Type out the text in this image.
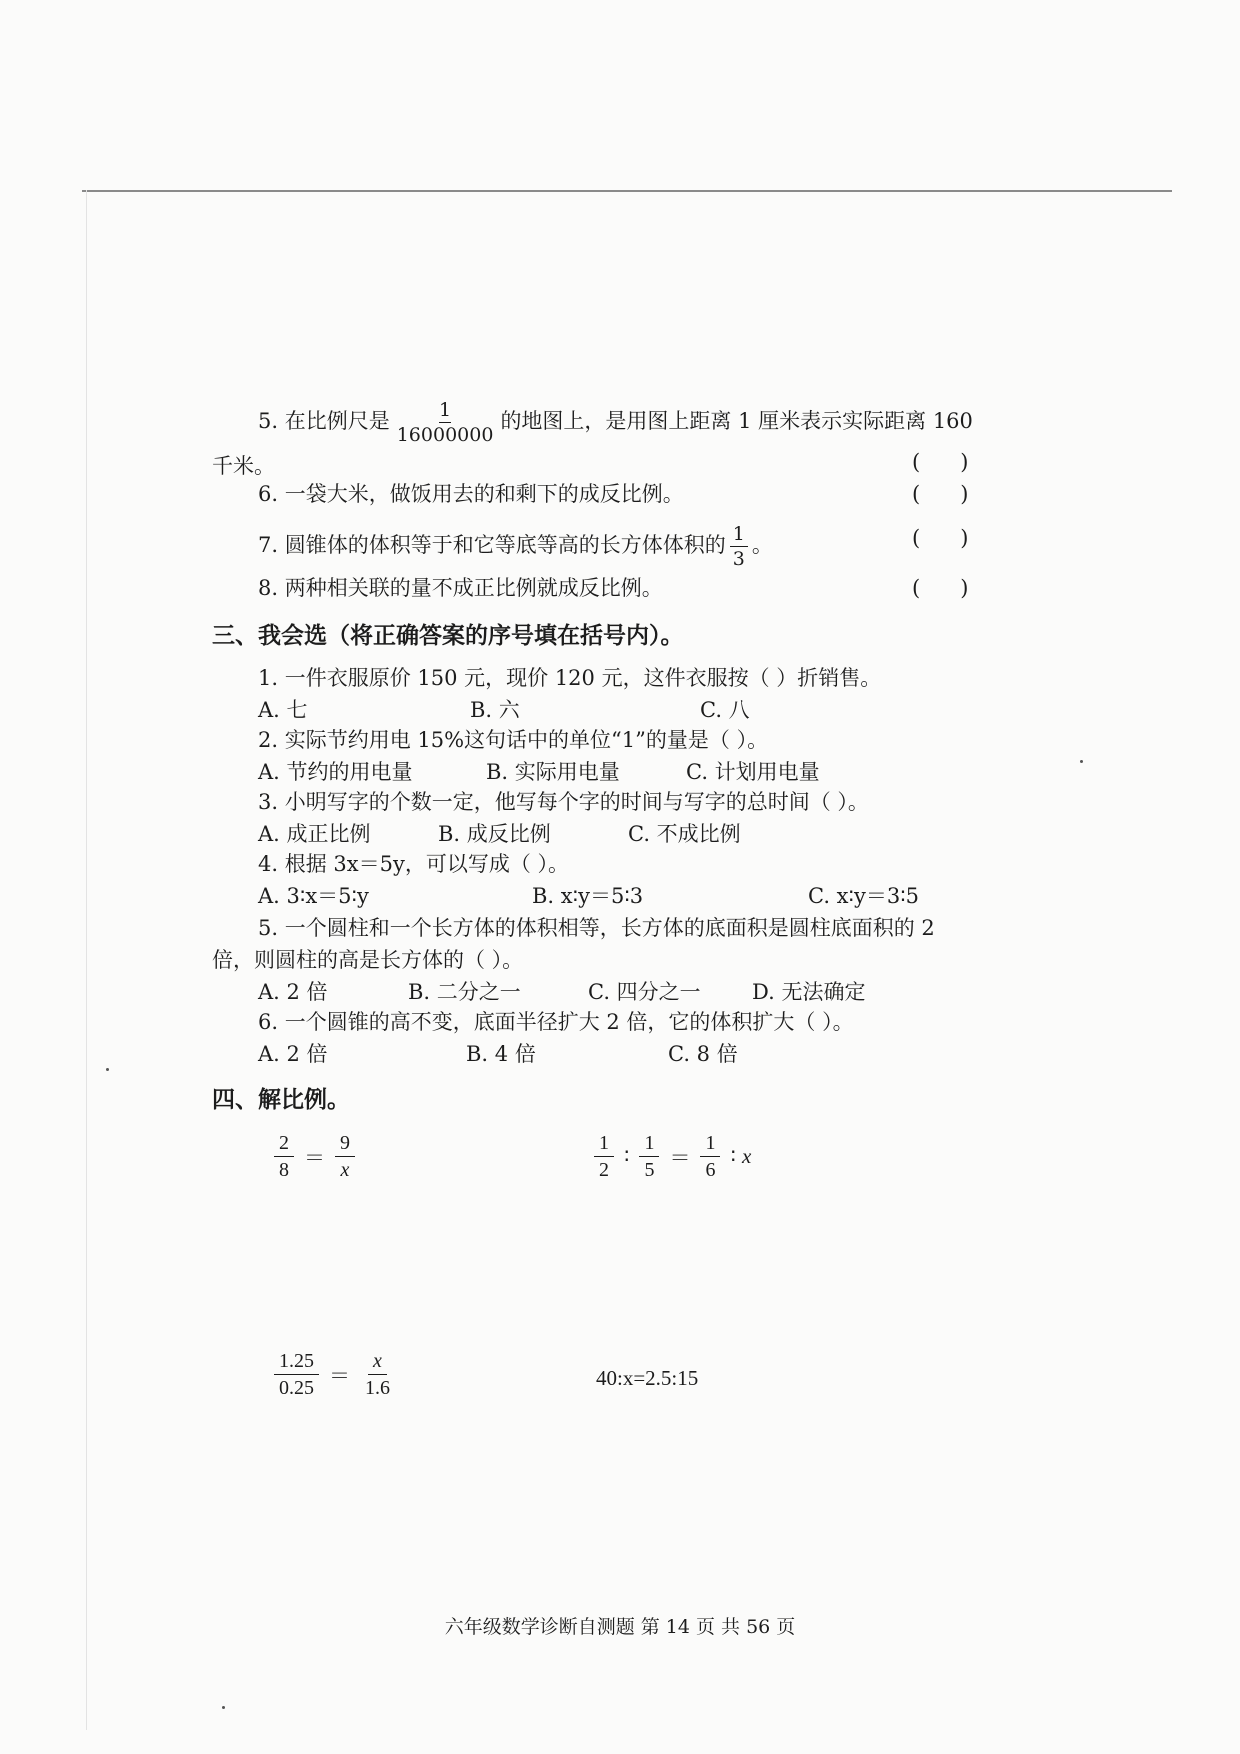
5. 在比例尺是 $\frac{1}{16000000}$ 的地图上，是用图上距离 1 厘米表示实际距离 160
千米。	(      )
6. 一袋大米，做饭用去的和剩下的成反比例。	(      )
7. 圆锥体的体积等于和它等底等高的长方体体积的 $\frac{1}{3}$ 。	(      )
8. 两种相关联的量不成正比例就成反比例。	(      )
三、我会选（将正确答案的序号填在括号内）。
1. 一件衣服原价 150 元，现价 120 元，这件衣服按（ ）折销售。
A. 七	B. 六	C. 八
2. 实际节约用电 15%这句话中的单位“1”的量是（ ）。
A. 节约的用电量	B. 实际用电量	C. 计划用电量
3. 小明写字的个数一定，他写每个字的时间与写字的总时间（ ）。
A. 成正比例	B. 成反比例	C. 不成比例
4. 根据 3x＝5y，可以写成（ ）。
A. 3∶x＝5∶y	B. x∶y＝5∶3	C. x∶y＝3∶5
5. 一个圆柱和一个长方体的体积相等，长方体的底面积是圆柱底面积的 2
倍，则圆柱的高是长方体的（ ）。
A. 2 倍	B. 二分之一	C. 四分之一 D. 无法确定
6. 一个圆锥的高不变，底面半径扩大 2 倍，它的体积扩大（ ）。
A. 2 倍	B. 4 倍	C. 8 倍
四、解比例。
$\frac{2}{8} = \frac{9}{x}$	$\frac{1}{2}$ ∶ $\frac{1}{5} = \frac{1}{6}$ ∶ x
$\frac{1.25}{0.25} = \frac{x}{1.6}$	40:x=2.5:15
六年级数学诊断自测题 第 14 页 共 56 页
